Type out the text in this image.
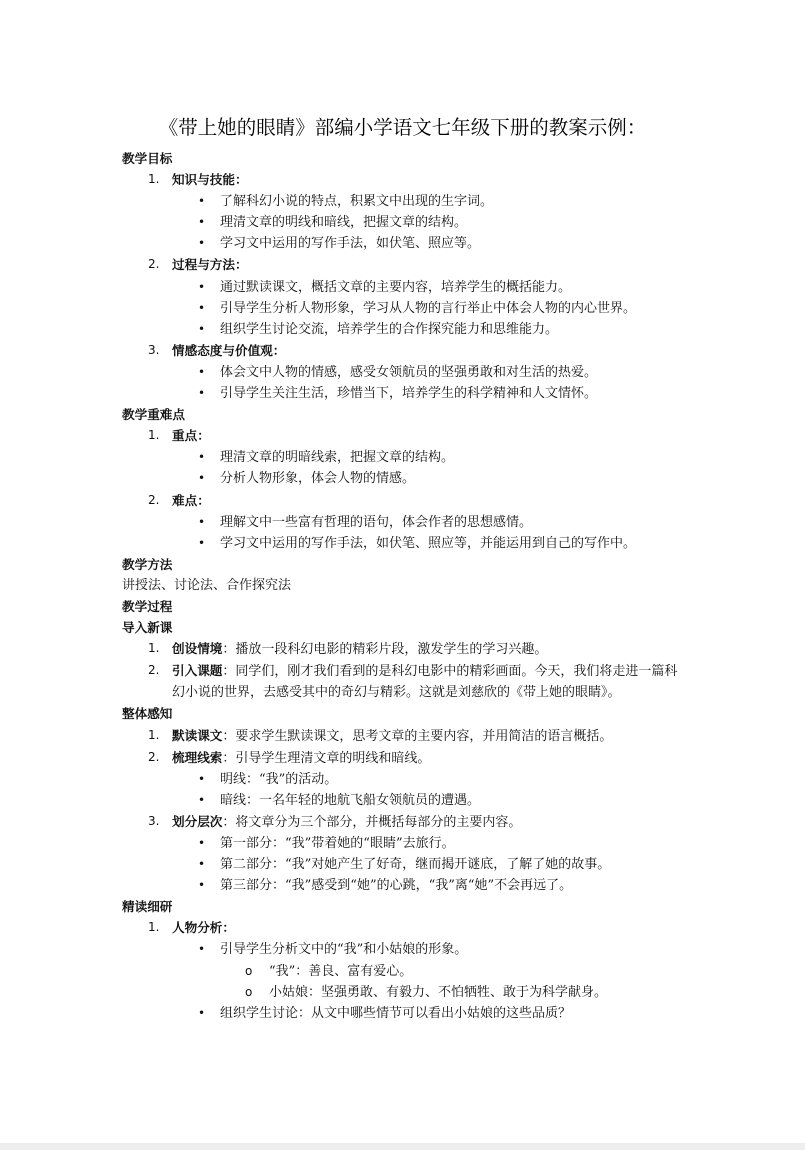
《带上她的眼睛》部编小学语文七年级下册的教案示例：
教学目标
1. 知识与技能：
• 了解科幻小说的特点，积累文中出现的生字词。
• 理清文章的明线和暗线，把握文章的结构。
• 学习文中运用的写作手法，如伏笔、照应等。
2. 过程与方法：
• 通过默读课文，概括文章的主要内容，培养学生的概括能力。
• 引导学生分析人物形象，学习从人物的言行举止中体会人物的内心世界。
• 组织学生讨论交流，培养学生的合作探究能力和思维能力。
3. 情感态度与价值观：
• 体会文中人物的情感，感受女领航员的坚强勇敢和对生活的热爱。
• 引导学生关注生活，珍惜当下，培养学生的科学精神和人文情怀。
教学重难点
1. 重点：
• 理清文章的明暗线索，把握文章的结构。
• 分析人物形象，体会人物的情感。
2. 难点：
• 理解文中一些富有哲理的语句，体会作者的思想感情。
• 学习文中运用的写作手法，如伏笔、照应等，并能运用到自己的写作中。
教学方法
讲授法、讨论法、合作探究法
教学过程
导入新课
1. 创设情境：播放一段科幻电影的精彩片段，激发学生的学习兴趣。
2. 引入课题：同学们，刚才我们看到的是科幻电影中的精彩画面。今天，我们将走进一篇科幻小说的世界，去感受其中的奇幻与精彩。这就是刘慈欣的《带上她的眼睛》。
整体感知
1. 默读课文：要求学生默读课文，思考文章的主要内容，并用简洁的语言概括。
2. 梳理线索：引导学生理清文章的明线和暗线。
• 明线：“我”的活动。
• 暗线：一名年轻的地航飞船女领航员的遭遇。
3. 划分层次：将文章分为三个部分，并概括每部分的主要内容。
• 第一部分：“我”带着她的“眼睛”去旅行。
• 第二部分：“我”对她产生了好奇，继而揭开谜底，了解了她的故事。
• 第三部分：“我”感受到“她”的心跳，“我”离“她”不会再远了。
精读细研
1. 人物分析：
• 引导学生分析文中的“我”和小姑娘的形象。
o “我”：善良、富有爱心。
o 小姑娘：坚强勇敢、有毅力、不怕牺牲、敢于为科学献身。
• 组织学生讨论：从文中哪些情节可以看出小姑娘的这些品质？
